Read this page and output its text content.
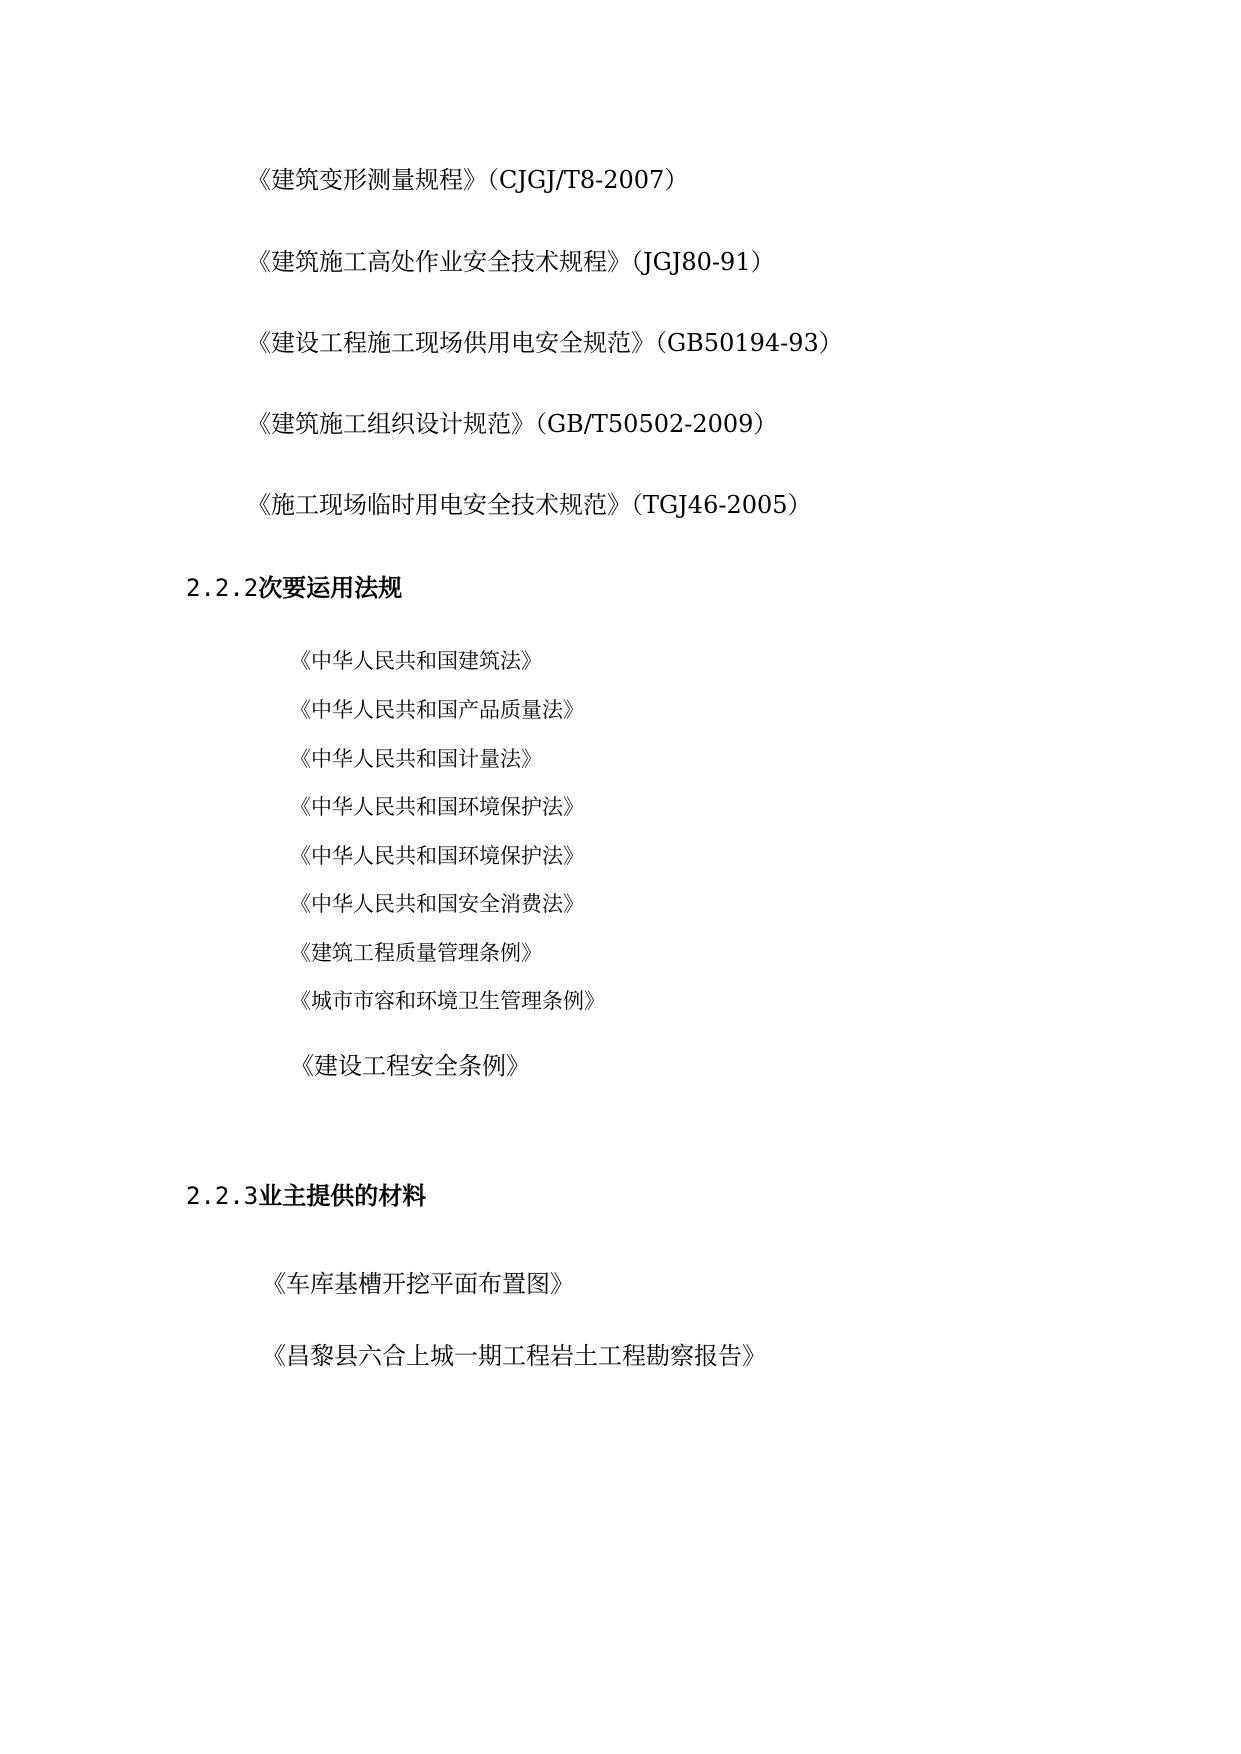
《建筑变形测量规程》（CJGJ/T8-2007）
《建筑施工高处作业安全技术规程》（JGJ80-91）
《建设工程施工现场供用电安全规范》（GB50194-93）
《建筑施工组织设计规范》（GB/T50502-2009）
《施工现场临时用电安全技术规范》（TGJ46-2005）
2.2.2次要运用法规
《中华人民共和国建筑法》
《中华人民共和国产品质量法》
《中华人民共和国计量法》
《中华人民共和国环境保护法》
《中华人民共和国环境保护法》
《中华人民共和国安全消费法》
《建筑工程质量管理条例》
《城市市容和环境卫生管理条例》
《建设工程安全条例》
2.2.3业主提供的材料
《车库基槽开挖平面布置图》
《昌黎县六合上城一期工程岩土工程勘察报告》
